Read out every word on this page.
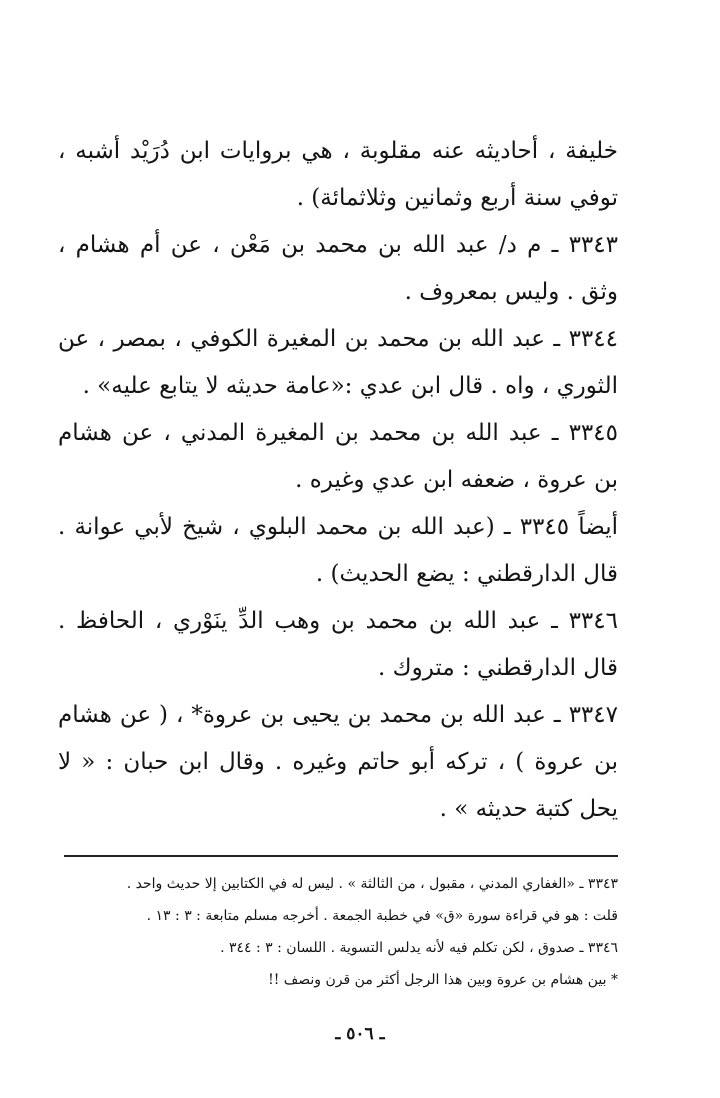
خليفة ، أحاديثه عنه مقلوبة ، هي بروايات ابن دُرَيْد أشبه ، توفي سنة أربع وثمانين وثلاثمائة) .

٣٣٤٣ ـ م د/ عبد الله بن محمد بن مَعْن ، عن أم هشام ، وثق . وليس بمعروف .

٣٣٤٤ ـ عبد الله بن محمد بن المغيرة الكوفي ، بمصر ، عن الثوري ، واه . قال ابن عدي :«عامة حديثه لا يتابع عليه» .

٣٣٤٥ ـ عبد الله بن محمد بن المغيرة المدني ، عن هشام بن عروة ، ضعفه ابن عدي وغيره .

أيضاً ٣٣٤٥ ـ (عبد الله بن محمد البلوي ، شيخ لأبي عوانة . قال الدارقطني : يضع الحديث) .

٣٣٤٦ ـ عبد الله بن محمد بن وهب الدِّ ينَوْري ، الحافظ . قال الدارقطني : متروك .

٣٣٤٧ ـ عبد الله بن محمد بن يحيى بن عروة* ، ( عن هشام بن عروة ) ، تركه أبو حاتم وغيره . وقال ابن حبان : « لا يحل كتبة حديثه » .

٣٣٤٣ ـ «الغفاري المدني ، مقبول ، من الثالثة » . ليس له في الكتابين إلا حديث واحد .

قلت : هو في قراءة سورة «ق» في خطبة الجمعة . أخرجه مسلم متابعة : ٣ : ١٣ .

٣٣٤٦ ـ صدوق ، لكن تكلم فيه لأنه يدلس التسوية . اللسان : ٣ : ٣٤٤ .

* بين هشام بن عروة وبين هذا الرجل أكثر من قرن ونصف !!

ـ ٥٠٦ ـ
